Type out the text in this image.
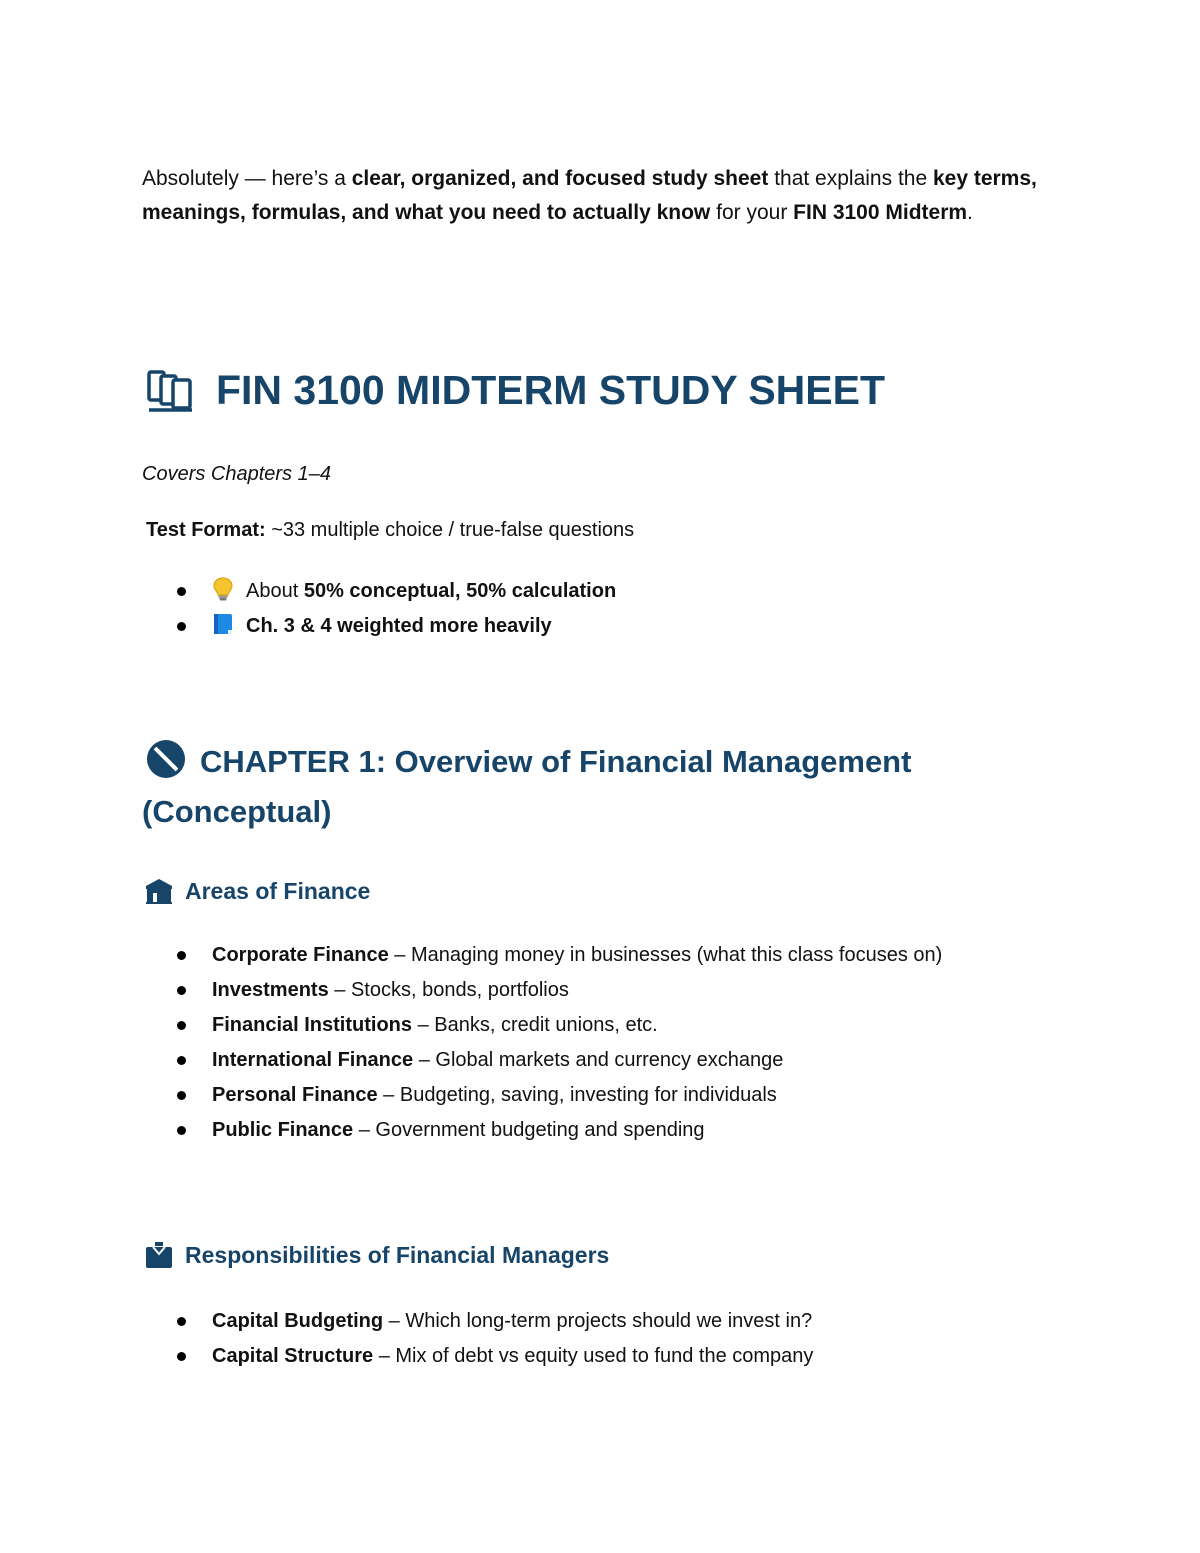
Absolutely — here’s a clear, organized, and focused study sheet that explains the key terms, meanings, formulas, and what you need to actually know for your FIN 3100 Midterm.

FIN 3100 MIDTERM STUDY SHEET

Covers Chapters 1–4

Test Format: ~33 multiple choice / true-false questions

About 50% conceptual, 50% calculation
Ch. 3 & 4 weighted more heavily
CHAPTER 1: Overview of Financial Management (Conceptual)
Areas of Finance
Corporate Finance – Managing money in businesses (what this class focuses on)
Investments – Stocks, bonds, portfolios
Financial Institutions – Banks, credit unions, etc.
International Finance – Global markets and currency exchange
Personal Finance – Budgeting, saving, investing for individuals
Public Finance – Government budgeting and spending
Responsibilities of Financial Managers
Capital Budgeting – Which long-term projects should we invest in?
Capital Structure – Mix of debt vs equity used to fund the company
